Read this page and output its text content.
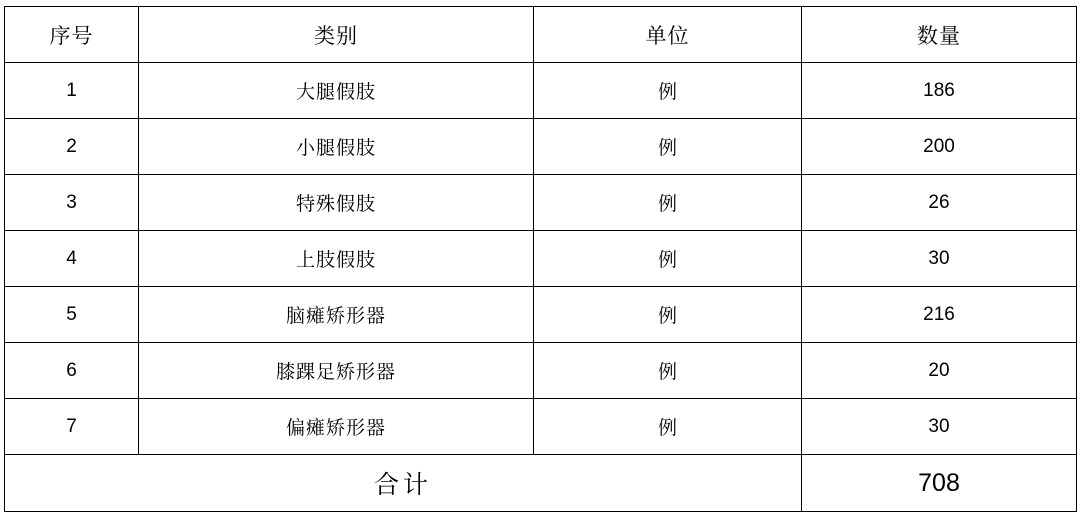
序号	类别	单位	数量
1	大腿假肢	例	186
2	小腿假肢	例	200
3	特殊假肢	例	26
4	上肢假肢	例	30
5	脑瘫矫形器	例	216
6	膝踝足矫形器	例	20
7	偏瘫矫形器	例	30
合计			708
